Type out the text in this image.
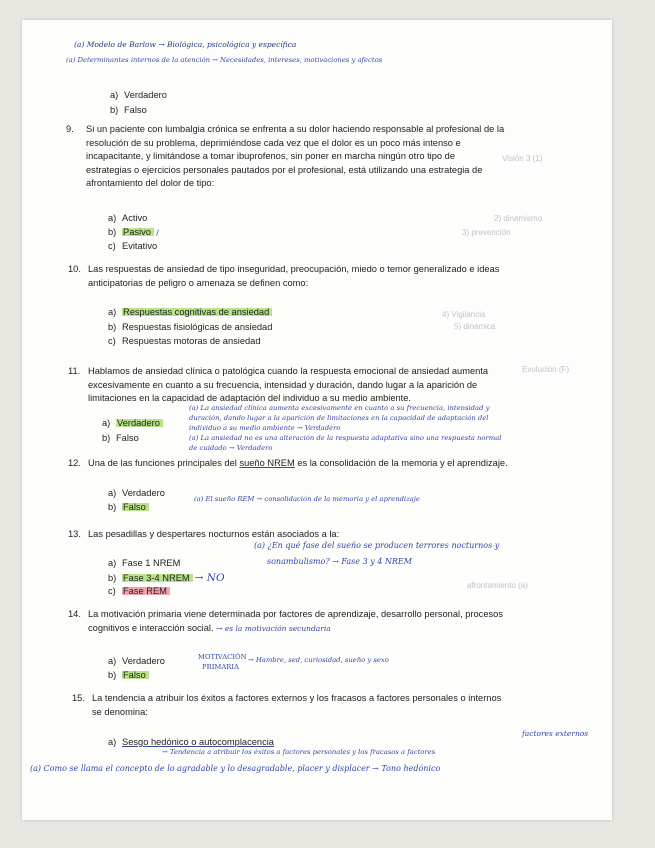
(a) Modelo de Barlow → Biológica, psicológica y específica
(a) Determinantes internos de la atención → Necesidades, intereses, motivaciones y afectos
a) Verdadero
b) Falso
9. Si un paciente con lumbalgia crónica se enfrenta a su dolor haciendo responsable al profesional de la
resolución de su problema, deprimiéndose cada vez que el dolor es un poco más intenso e
incapacitante, y limitándose a tomar ibuprofenos, sin poner en marcha ningún otro tipo de
estrategias o ejercicios personales pautados por el profesional, está utilizando una estrategia de
afrontamiento del dolor de tipo:
a) Activo
b) Pasivo /
c) Evitativo
10. Las respuestas de ansiedad de tipo inseguridad, preocupación, miedo o temor generalizado e ideas
anticipatorias de peligro o amenaza se definen como:
a) Respuestas cognitivas de ansiedad
b) Respuestas fisiológicas de ansiedad
c) Respuestas motoras de ansiedad
11. Hablamos de ansiedad clínica o patológica cuando la respuesta emocional de ansiedad aumenta
excesivamente en cuanto a su frecuencia, intensidad y duración, dando lugar a la aparición de
limitaciones en la capacidad de adaptación del individuo a su medio ambiente.
a) Verdadero
b) Falso
(a) La ansiedad clínica aumenta excesivamente en cuanto a su frecuencia, intensidad y
duración, dando lugar a la aparición de limitaciones en la capacidad de adaptación del
individuo a su medio ambiente → Verdadero
(a) La ansiedad no es una alteración de la respuesta adaptativa sino una respuesta normal
de cuidado → Verdadero
12. Una de las funciones principales del sueño NREM es la consolidación de la memoria y el aprendizaje.
a) Verdadero
b) Falso
(a) El sueño REM → consolidación de la memoria y el aprendizaje
13. Las pesadillas y despertares nocturnos están asociados a la:
(a) ¿En qué fase del sueño se producen terrores nocturnos y
sonambulismo? → Fase 3 y 4 NREM
a) Fase 1 NREM
b) Fase 3-4 NREM → NO
c) Fase REM
14. La motivación primaria viene determinada por factores de aprendizaje, desarrollo personal, procesos
cognitivos e interacción social. → es la motivación secundaria
a) Verdadero
b) Falso
MOTIVACIÓN
PRIMARIA
→ Hambre, sed, curiosidad, sueño y sexo
15. La tendencia a atribuir los éxitos a factores externos y los fracasos a factores personales o internos
se denomina:
a) Sesgo hedónico o autocomplacencia
factores externos
→ Tendencia a atribuir los éxitos a factores personales y los fracasos a factores
(a) Como se llama el concepto de lo agradable y lo desagradable, placer y displacer → Tono hedónico
Visión 3 (1)
2) dinamismo
3) prevención
4) Vigilancia
5) dinámica
Evolución (F)
afrontamiento (a)
